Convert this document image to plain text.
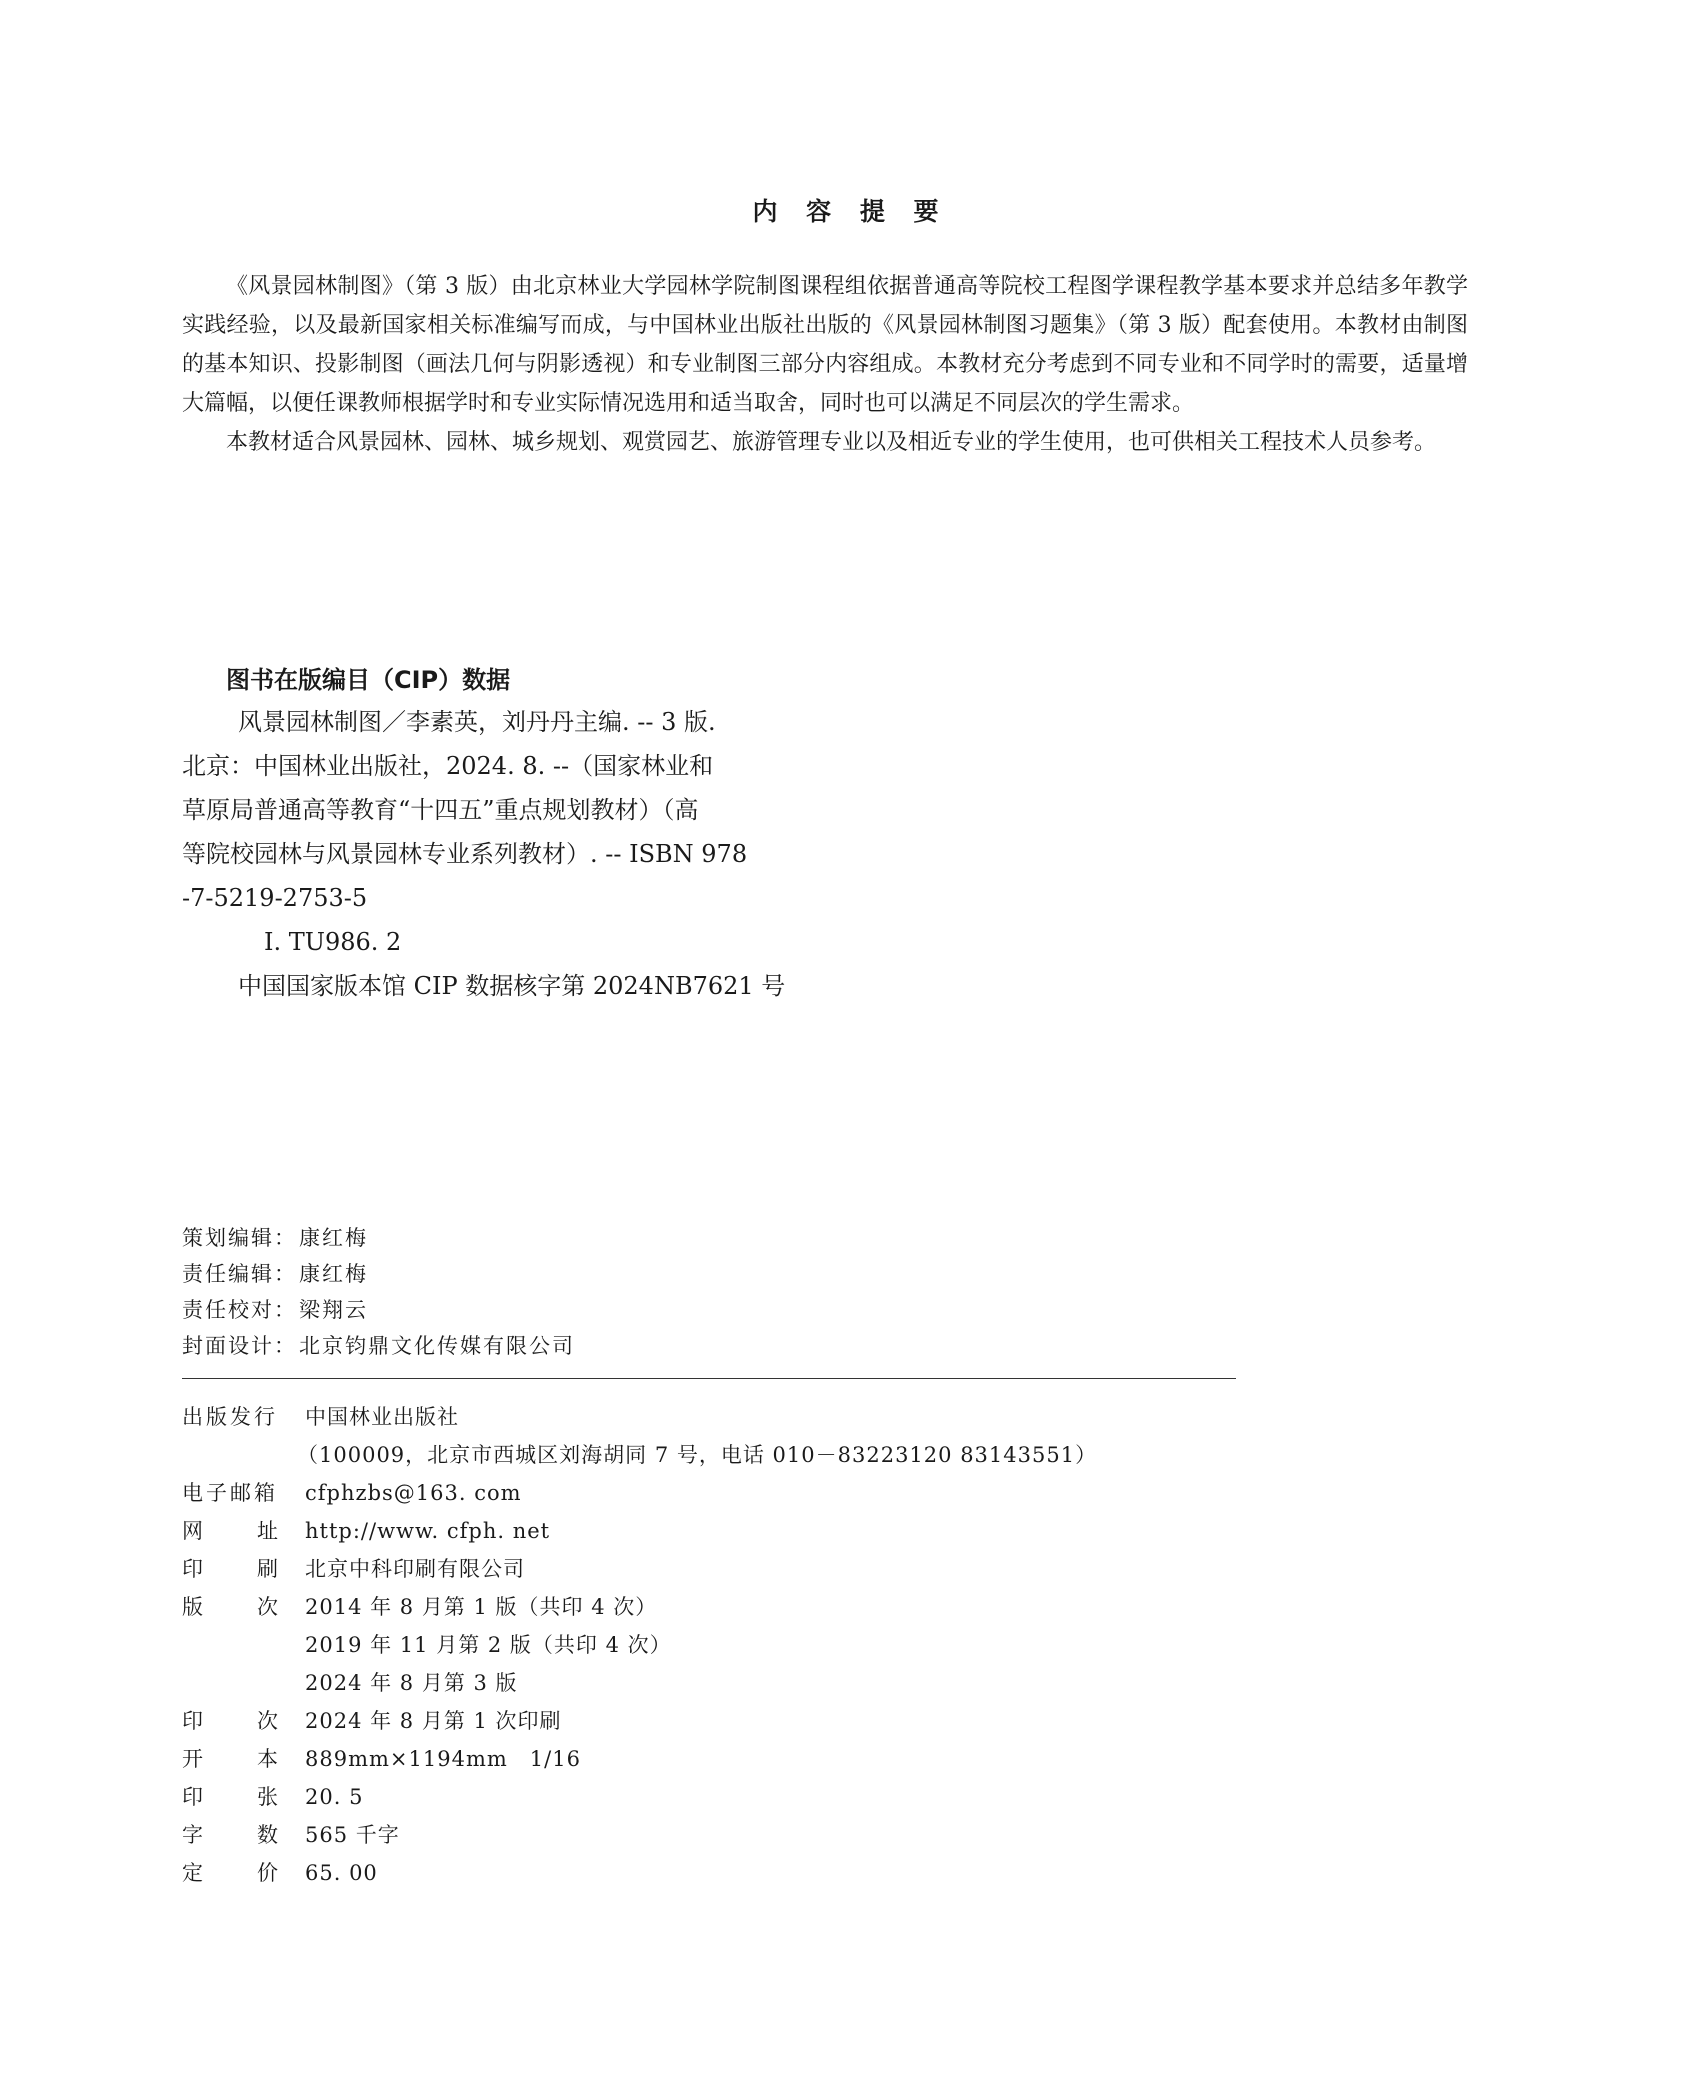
内 容 提 要

《风景园林制图》（第 3 版）由北京林业大学园林学院制图课程组依据普通高等院校工程图学课程教学基本要求并总结多年教学实践经验，以及最新国家相关标准编写而成，与中国林业出版社出版的《风景园林制图习题集》（第 3 版）配套使用。本教材由制图的基本知识、投影制图（画法几何与阴影透视）和专业制图三部分内容组成。本教材充分考虑到不同专业和不同学时的需要，适量增大篇幅，以便任课教师根据学时和专业实际情况选用和适当取舍，同时也可以满足不同层次的学生需求。

本教材适合风景园林、园林、城乡规划、观赏园艺、旅游管理专业以及相近专业的学生使用，也可供相关工程技术人员参考。

图书在版编目（CIP）数据
风景园林制图／李素英，刘丹丹主编. -- 3 版.
北京：中国林业出版社，2024. 8. --（国家林业和
草原局普通高等教育“十四五”重点规划教材）（高
等院校园林与风景园林专业系列教材）. -- ISBN 978
-7-5219-2753-5
Ⅰ. TU986. 2
中国国家版本馆 CIP 数据核字第 2024NB7621 号
策划编辑：康红梅
责任编辑：康红梅
责任校对：梁翔云
封面设计：北京钧鼎文化传媒有限公司
出版发行 中国林业出版社
（100009，北京市西城区刘海胡同 7 号，电话 010－83223120 83143551）
电子邮箱 cfphzbs@163. com
网	址 http://www. cfph. net
印	刷 北京中科印刷有限公司
版	次 2014 年 8 月第 1 版（共印 4 次）
2019 年 11 月第 2 版（共印 4 次）
2024 年 8 月第 3 版
印	次 2024 年 8 月第 1 次印刷
开	本 889mm×1194mm　1/16
印	张 20. 5
字	数 565 千字
定	价 65. 00
